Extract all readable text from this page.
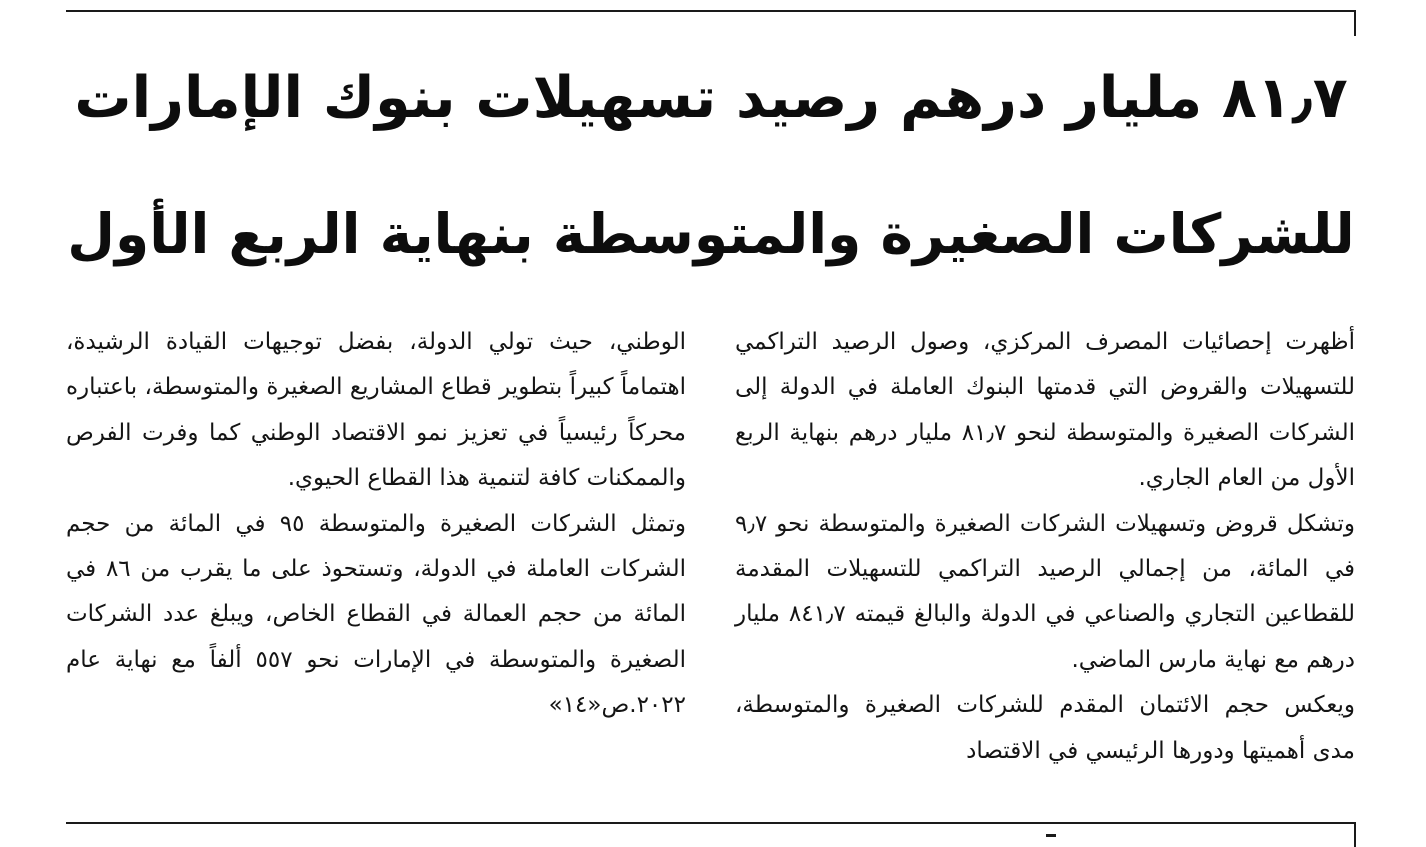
٨١٫٧ مليار درهم رصيد تسهيلات بنوك الإمارات
للشركات الصغيرة والمتوسطة بنهاية الربع الأول

أظهرت إحصائيات المصرف المركزي، وصول الرصيد التراكمي للتسهيلات والقروض التي قدمتها البنوك العاملة في الدولة إلى الشركات الصغيرة والمتوسطة لنحو ٨١٫٧ مليار درهم بنهاية الربع الأول من العام الجاري.

وتشكل قروض وتسهيلات الشركات الصغيرة والمتوسطة نحو ٩٫٧ في المائة، من إجمالي الرصيد التراكمي للتسهيلات المقدمة للقطاعين التجاري والصناعي في الدولة والبالغ قيمته ٨٤١٫٧ مليار درهم مع نهاية مارس الماضي.

ويعكس حجم الائتمان المقدم للشركات الصغيرة والمتوسطة، مدى أهميتها ودورها الرئيسي في الاقتصاد

الوطني، حيث تولي الدولة، بفضل توجيهات القيادة الرشيدة، اهتماماً كبيراً بتطوير قطاع المشاريع الصغيرة والمتوسطة، باعتباره محركاً رئيسياً في تعزيز نمو الاقتصاد الوطني كما وفرت الفرص والممكنات كافة لتنمية هذا القطاع الحيوي.

وتمثل الشركات الصغيرة والمتوسطة ٩٥ في المائة من حجم الشركات العاملة في الدولة، وتستحوذ على ما يقرب من ٨٦ في المائة من حجم العمالة في القطاع الخاص، ويبلغ عدد الشركات الصغيرة والمتوسطة في الإمارات نحو ٥٥٧ ألفاً مع نهاية عام ٢٠٢٢.ص«١٤»
